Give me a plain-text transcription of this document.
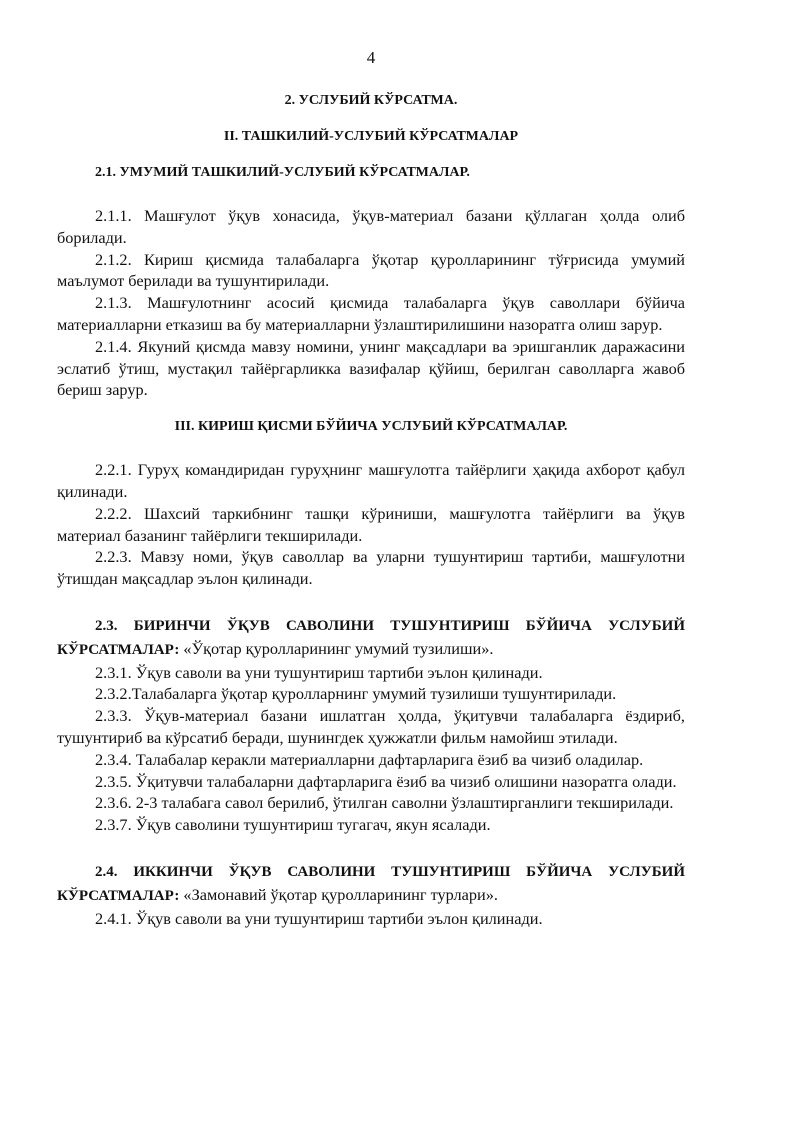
4

2. УСЛУБИЙ КЎРСАТМА.

II. ТАШКИЛИЙ-УСЛУБИЙ КЎРСАТМАЛАР

2.1. УМУМИЙ ТАШКИЛИЙ-УСЛУБИЙ КЎРСАТМАЛАР.

2.1.1. Машғулот ўқув хонасида, ўқув-материал базани қўллаган ҳолда олиб борилади.

2.1.2. Кириш қисмида талабаларга ўқотар қуролларининг тўғрисида умумий маълумот берилади ва тушунтирилади.

2.1.3. Машғулотнинг асосий қисмида талабаларга ўқув саволлари бўйича материалларни етказиш ва бу материалларни ўзлаштирилишини назоратга олиш зарур.

2.1.4. Якуний қисмда мавзу номини, унинг мақсадлари ва эришганлик даражасини эслатиб ўтиш, мустақил тайёргарликка вазифалар қўйиш, берилган саволларга жавоб бериш зарур.

III. КИРИШ ҚИСМИ БЎЙИЧА УСЛУБИЙ КЎРСАТМАЛАР.

2.2.1. Гуруҳ командиридан гуруҳнинг машғулотга тайёрлиги ҳақида ахборот қабул қилинади.

2.2.2. Шахсий таркибнинг ташқи кўриниши, машғулотга тайёрлиги ва ўқув материал базанинг тайёрлиги текширилади.

2.2.3. Мавзу номи, ўқув саволлар ва уларни тушунтириш тартиби, машғулотни ўтишдан мақсадлар эълон қилинади.

2.3. БИРИНЧИ ЎҚУВ САВОЛИНИ ТУШУНТИРИШ БЎЙИЧА УСЛУБИЙ КЎРСАТМАЛАР: «Ўқотар қуролларининг умумий тузилиши».

2.3.1. Ўқув саволи ва уни тушунтириш тартиби эълон қилинади.

2.3.2.Талабаларга ўқотар қуролларнинг умумий тузилиши тушунтирилади.

2.3.3. Ўқув-материал базани ишлатган ҳолда, ўқитувчи талабаларга ёздириб, тушунтириб ва кўрсатиб беради, шунингдек ҳужжатли фильм намойиш этилади.

2.3.4. Талабалар керакли материалларни дафтарларига ёзиб ва чизиб оладилар.

2.3.5. Ўқитувчи талабаларни дафтарларига ёзиб ва чизиб олишини назоратга олади.

2.3.6. 2-3 талабага савол берилиб, ўтилган саволни ўзлаштирганлиги текширилади.

2.3.7. Ўқув саволини тушунтириш тугагач, якун ясалади.

2.4. ИККИНЧИ ЎҚУВ САВОЛИНИ ТУШУНТИРИШ БЎЙИЧА УСЛУБИЙ КЎРСАТМАЛАР: «Замонавий ўқотар қуролларининг турлари».

2.4.1. Ўқув саволи ва уни тушунтириш тартиби эълон қилинади.
